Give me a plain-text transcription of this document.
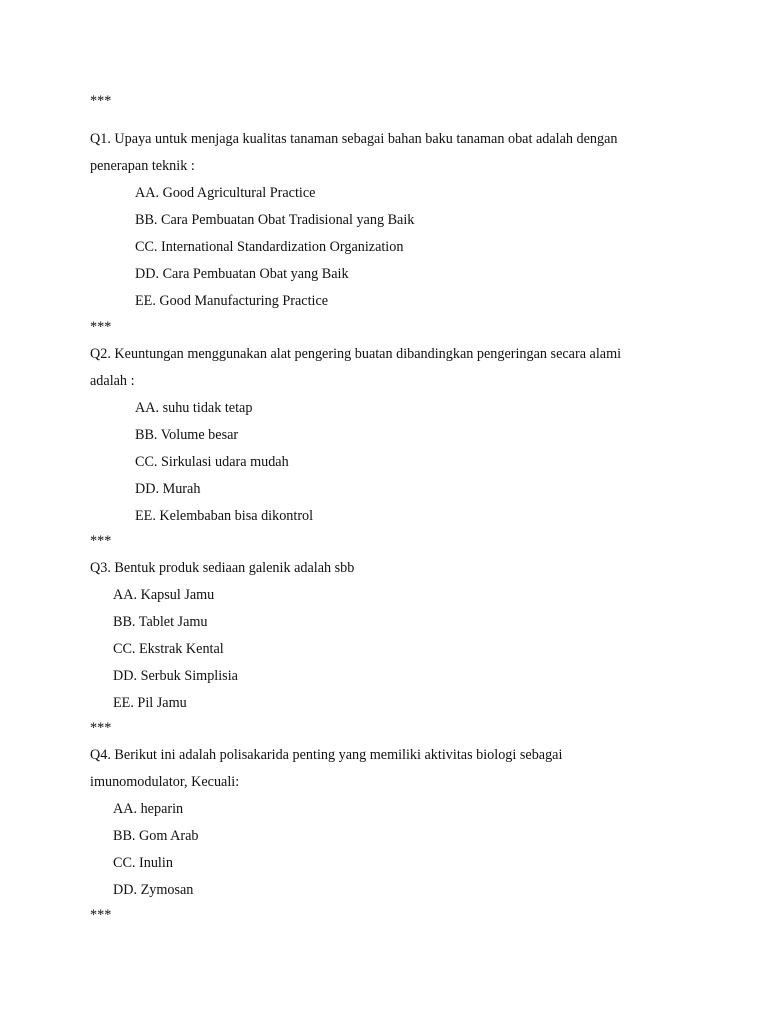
***

Q1. Upaya untuk menjaga kualitas tanaman sebagai bahan baku tanaman obat adalah dengan

penerapan teknik :

AA. Good Agricultural Practice

BB. Cara Pembuatan Obat Tradisional yang Baik

CC. International Standardization Organization

DD. Cara Pembuatan Obat yang Baik

EE. Good Manufacturing Practice

***

Q2. Keuntungan menggunakan alat pengering buatan dibandingkan pengeringan secara alami

adalah :

AA. suhu tidak tetap

BB. Volume besar

CC. Sirkulasi udara mudah

DD. Murah

EE. Kelembaban bisa dikontrol

***

Q3. Bentuk produk sediaan galenik adalah sbb

AA. Kapsul Jamu

BB. Tablet Jamu

CC. Ekstrak Kental

DD. Serbuk Simplisia

EE. Pil Jamu

***

Q4. Berikut ini adalah polisakarida penting yang memiliki aktivitas biologi sebagai

imunomodulator, Kecuali:

AA. heparin

BB. Gom Arab

CC. Inulin

DD. Zymosan

***
